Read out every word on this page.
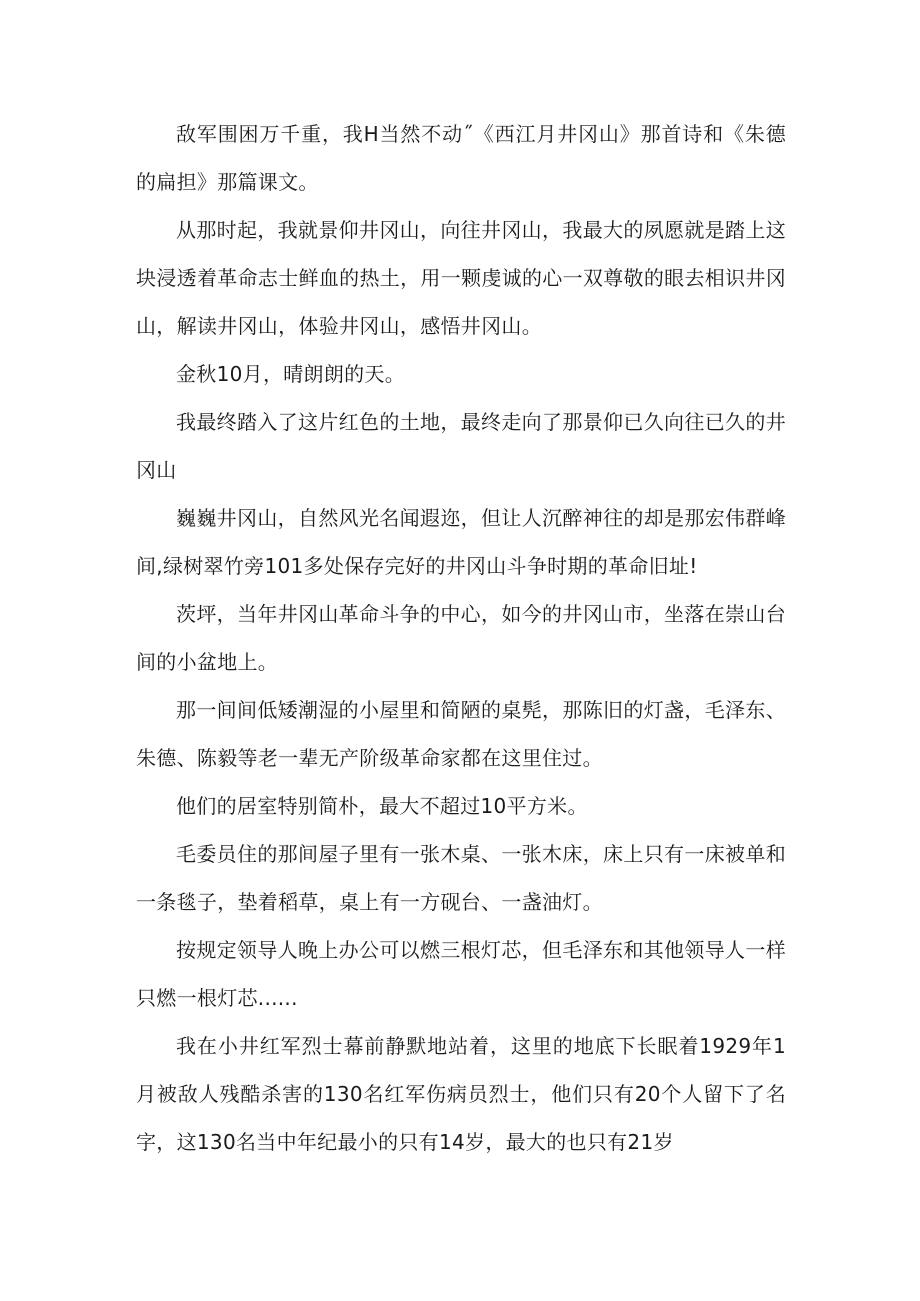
敌军围困万千重，我H当然不动˝《西江月井冈山》那首诗和《朱德的扁担》那篇课文。

从那时起，我就景仰井冈山，向往井冈山，我最大的夙愿就是踏上这块浸透着革命志士鲜血的热土，用一颗虔诚的心一双尊敬的眼去相识井冈山，解读井冈山，体验井冈山，感悟井冈山。

金秋10月，晴朗朗的天。

我最终踏入了这片红色的土地，最终走向了那景仰已久向往已久的井冈山

巍巍井冈山，自然风光名闻遐迩，但让人沉醉神往的却是那宏伟群峰间,绿树翠竹旁101多处保存完好的井冈山斗争时期的革命旧址!

茨坪，当年井冈山革命斗争的中心，如今的井冈山市，坐落在崇山台间的小盆地上。

那一间间低矮潮湿的小屋里和简陋的桌髡，那陈旧的灯盏，毛泽东、朱德、陈毅等老一辈无产阶级革命家都在这里住过。

他们的居室特别简朴，最大不超过10平方米。

毛委员住的那间屋子里有一张木桌、一张木床，床上只有一床被单和一条毯子，垫着稻草，桌上有一方砚台、一盏油灯。

按规定领导人晚上办公可以燃三根灯芯，但毛泽东和其他领导人一样只燃一根灯芯......

我在小井红军烈士幕前静默地站着，这里的地底下长眠着1929年1月被敌人残酷杀害的130名红军伤病员烈士，他们只有20个人留下了名字，这130名当中年纪最小的只有14岁，最大的也只有21岁
